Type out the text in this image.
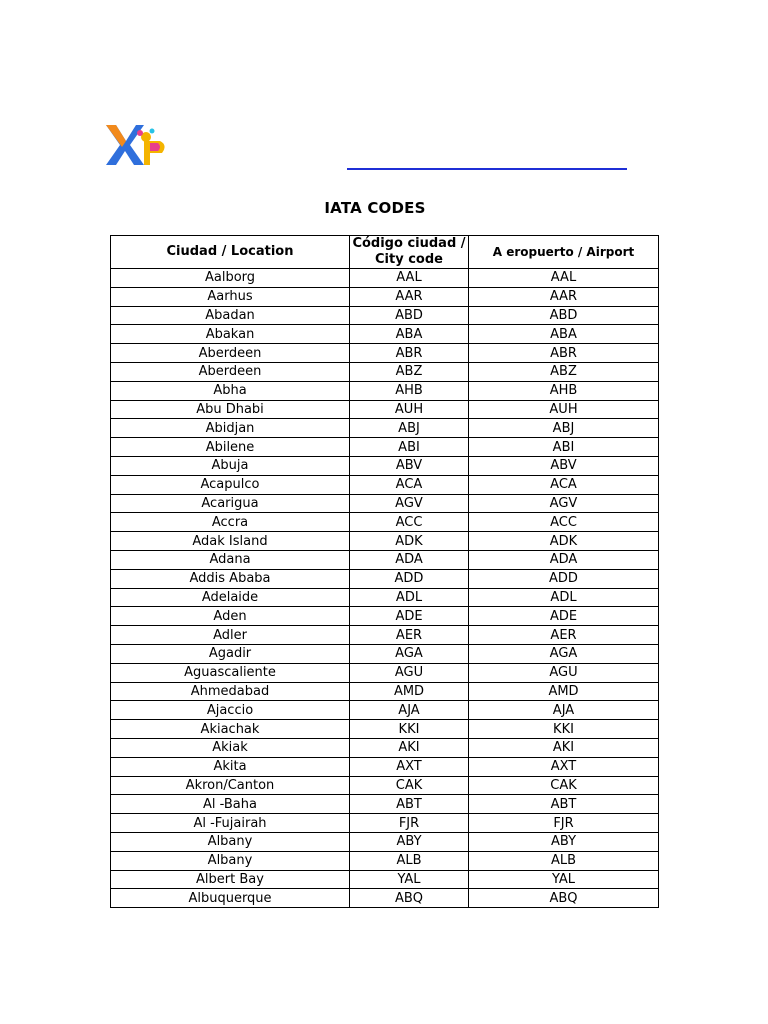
IATA CODES
Ciudad / Location	Código ciudad / City code	A eropuerto / Airport
Aalborg	AAL	AAL
Aarhus	AAR	AAR
Abadan	ABD	ABD
Abakan	ABA	ABA
Aberdeen	ABR	ABR
Aberdeen	ABZ	ABZ
Abha	AHB	AHB
Abu Dhabi	AUH	AUH
Abidjan	ABJ	ABJ
Abilene	ABI	ABI
Abuja	ABV	ABV
Acapulco	ACA	ACA
Acarigua	AGV	AGV
Accra	ACC	ACC
Adak Island	ADK	ADK
Adana	ADA	ADA
Addis Ababa	ADD	ADD
Adelaide	ADL	ADL
Aden	ADE	ADE
Adler	AER	AER
Agadir	AGA	AGA
Aguascaliente	AGU	AGU
Ahmedabad	AMD	AMD
Ajaccio	AJA	AJA
Akiachak	KKI	KKI
Akiak	AKI	AKI
Akita	AXT	AXT
Akron/Canton	CAK	CAK
Al -Baha	ABT	ABT
Al -Fujairah	FJR	FJR
Albany	ABY	ABY
Albany	ALB	ALB
Albert Bay	YAL	YAL
Albuquerque	ABQ	ABQ
